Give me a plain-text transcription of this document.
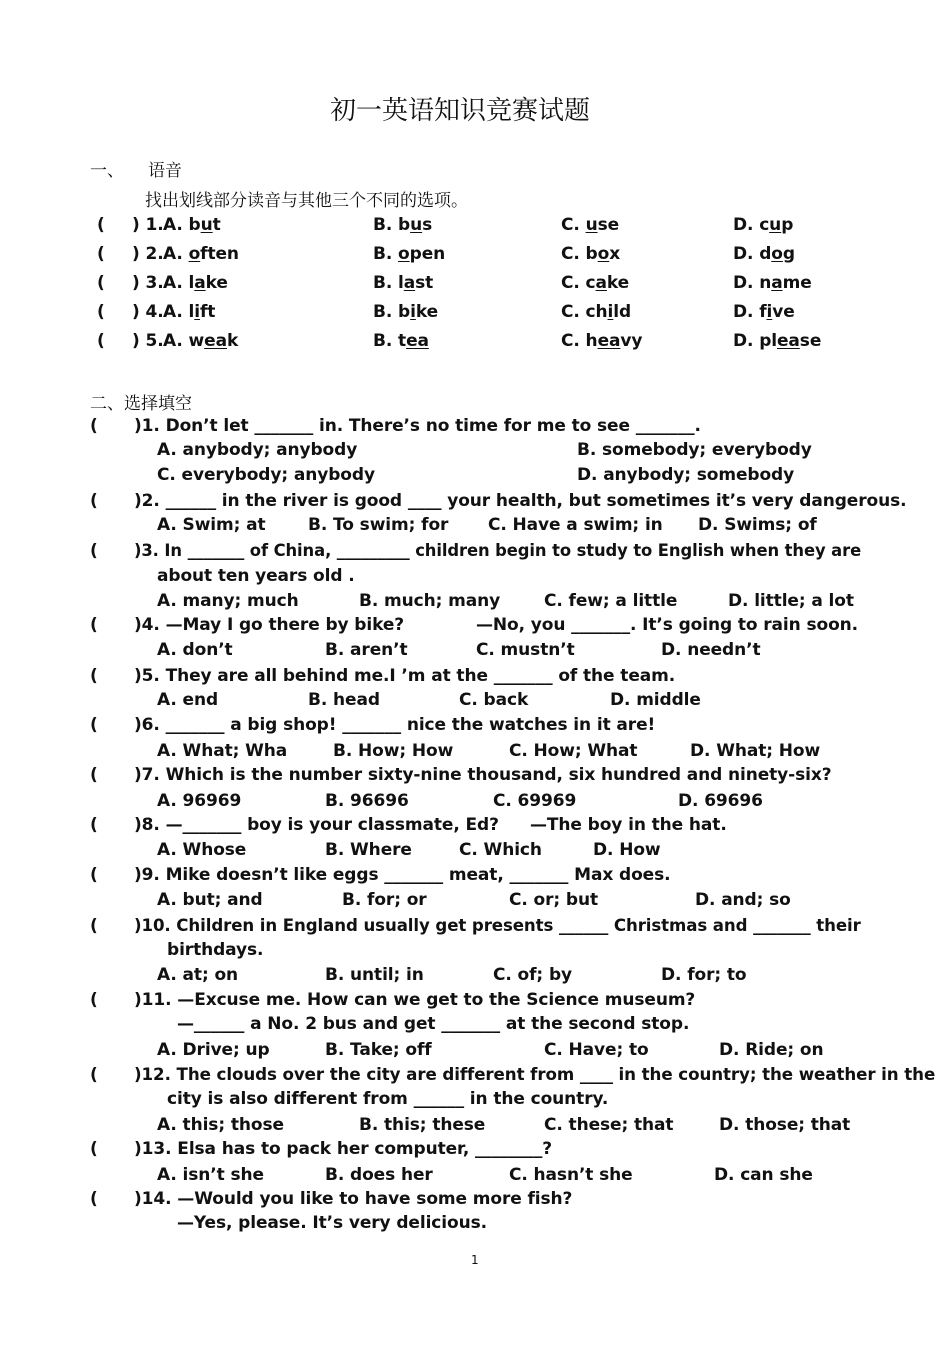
初一英语知识竞赛试题
一、 语音
找出划线部分读音与其他三个不同的选项。
( ) 1. A. but	B. bus	C. use	D. cup
( ) 2. A. often	B. open	C. box	D. dog
( ) 3. A. lake	B. last	C. cake	D. name
( ) 4. A. lift	B. bike	C. child	D. five
( ) 5. A. weak	B. tea	C. heavy	D. please
二、选择填空
(
(
(
(
(
(
(
(
(
(
(
(
(
(
)1. Don’t let _______ in. There’s no time for me to see _______.
A. anybody; anybody	B. somebody; everybody
C. everybody; anybody	D. anybody; somebody
)2. ______ in the river is good ____ your health, but sometimes it’s very dangerous.
A. Swim; at B. To swim; for C. Have a swim; in D. Swims; of
)3. In _______ of China, _________ children begin to study to English when they are
about ten years old .
A. many; much	B. much; many	C. few; a little	D. little; a lot
)4. —May I go there by bike?	—No, you _______. It’s going to rain soon.
A. don’t	B. aren’t	C. mustn’t	D. needn’t
)5. They are all behind me.I ’m at the _______ of the team.
A. end	B. head	C. back	D. middle
)6. _______ a big shop! _______ nice the watches in it are!
A. What; Wha	B. How; How	C. How; What	D. What; How
)7. Which is the number sixty-nine thousand, six hundred and ninety-six?
A. 96969	B. 96696	C. 69969	D. 69696
)8. —_______ boy is your classmate, Ed? —The boy in the hat.
A. Whose	B. Where	C. Which	D. How
)9. Mike doesn’t like eggs _______ meat, _______ Max does.
A. but; and	B. for; or	C. or; but	D. and; so
)10. Children in England usually get presents ______ Christmas and _______ their
birthdays.
A. at; on	B. until; in	C. of; by	D. for; to
)11. —Excuse me. How can we get to the Science museum?
—______ a No. 2 bus and get _______ at the second stop.
A. Drive; up	B. Take; off	C. Have; to	D. Ride; on
)12. The clouds over the city are different from ____ in the country; the weather in the
city is also different from ______ in the country.
A. this; those	B. this; these	C. these; that	D. those; that
)13. Elsa has to pack her computer, ________?
A. isn’t she	B. does her	C. hasn’t she	D. can she
)14. —Would you like to have some more fish?
—Yes, please. It’s very delicious.
1
